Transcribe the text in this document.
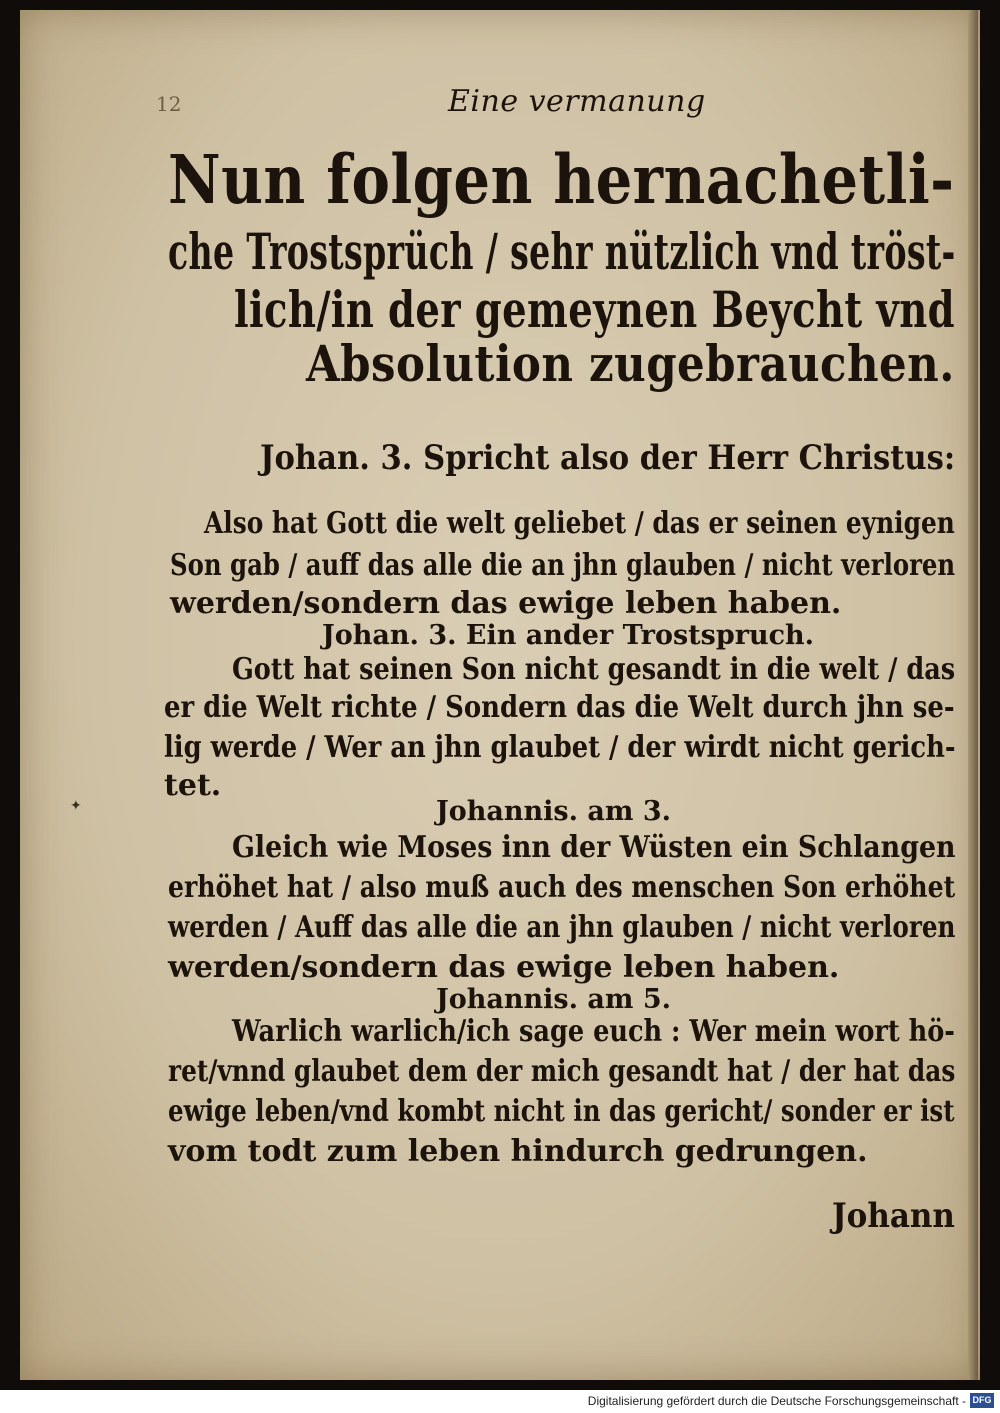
12	Eine vermanung
Nun folgen hernachetli-
che Trostsprüch / sehr nützlich vnd tröst-
lich/in der gemeynen Beycht vnd
Absolution zugebrauchen.
Johan. 3. Spricht also der Herr Christus:
Also hat Gott die welt geliebet / das er seinen eynigen
Son gab / auff das alle die an jhn glauben / nicht verloren
werden/sondern das ewige leben haben.
Johan. 3. Ein ander Trostspruch.
Gott hat seinen Son nicht gesandt in die welt / das
er die Welt richte / Sondern das die Welt durch jhn se-
lig werde / Wer an jhn glaubet / der wirdt nicht gerich-
tet.
✦	Johannis. am 3.
Gleich wie Moses inn der Wüsten ein Schlangen
erhöhet hat / also muß auch des menschen Son erhöhet
werden / Auff das alle die an jhn glauben / nicht verloren
werden/sondern das ewige leben haben.
Johannis. am 5.
Warlich warlich/ich sage euch : Wer mein wort hö-
ret/vnnd glaubet dem der mich gesandt hat / der hat das
ewige leben/vnd kombt nicht in das gericht/ sonder er ist
vom todt zum leben hindurch gedrungen.
Johann
Digitalisierung gefördert durch die Deutsche Forschungsgemeinschaft - DFG
